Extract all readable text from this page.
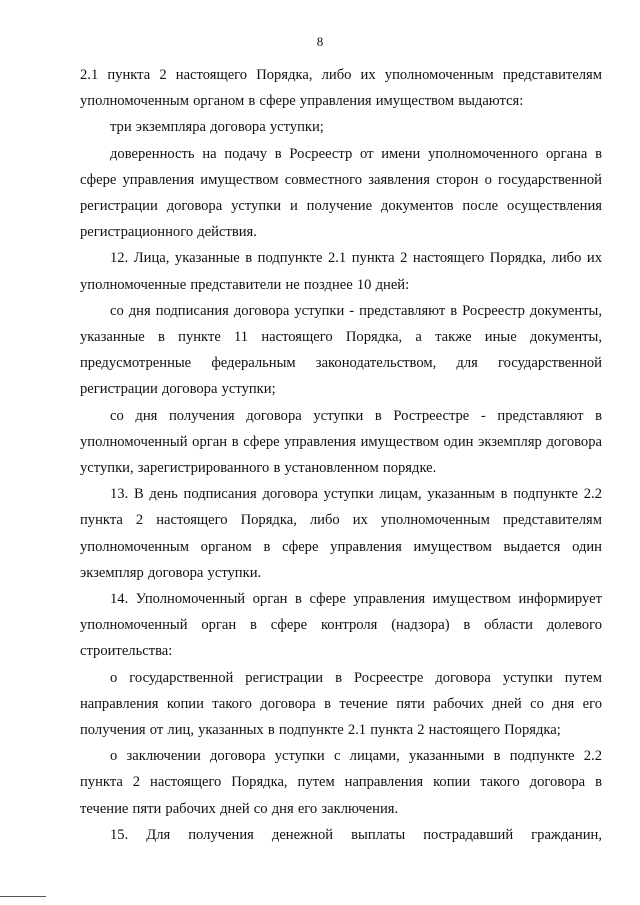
8

2.1 пункта 2 настоящего Порядка, либо их уполномоченным представителям уполномоченным органом в сфере управления имуществом выдаются:

три экземпляра договора уступки;

доверенность на подачу в Росреестр от имени уполномоченного органа в сфере управления имуществом совместного заявления сторон о государственной регистрации договора уступки и получение документов после осуществления регистрационного действия.

12. Лица, указанные в подпункте 2.1 пункта 2 настоящего Порядка, либо их уполномоченные представители не позднее 10 дней:

со дня подписания договора уступки - представляют в Росреестр документы, указанные в пункте 11 настоящего Порядка, а также иные документы, предусмотренные федеральным законодательством, для государственной регистрации договора уступки;

со дня получения договора уступки в Ростреестре - представляют в уполномоченный орган в сфере управления имуществом один экземпляр договора уступки, зарегистрированного в установленном порядке.

13. В день подписания договора уступки лицам, указанным в подпункте 2.2 пункта 2 настоящего Порядка, либо их уполномоченным представителям уполномоченным органом в сфере управления имуществом выдается один экземпляр договора уступки.

14. Уполномоченный орган в сфере управления имуществом информирует уполномоченный орган в сфере контроля (надзора) в области долевого строительства:

о государственной регистрации в Росреестре договора уступки путем направления копии такого договора в течение пяти рабочих дней со дня его получения от лиц, указанных в подпункте 2.1 пункта 2 настоящего Порядка;

о заключении договора уступки с лицами, указанными в подпункте 2.2 пункта 2 настоящего Порядка, путем направления копии такого договора в течение пяти рабочих дней со дня его заключения.

15. Для получения денежной выплаты пострадавший гражданин,
